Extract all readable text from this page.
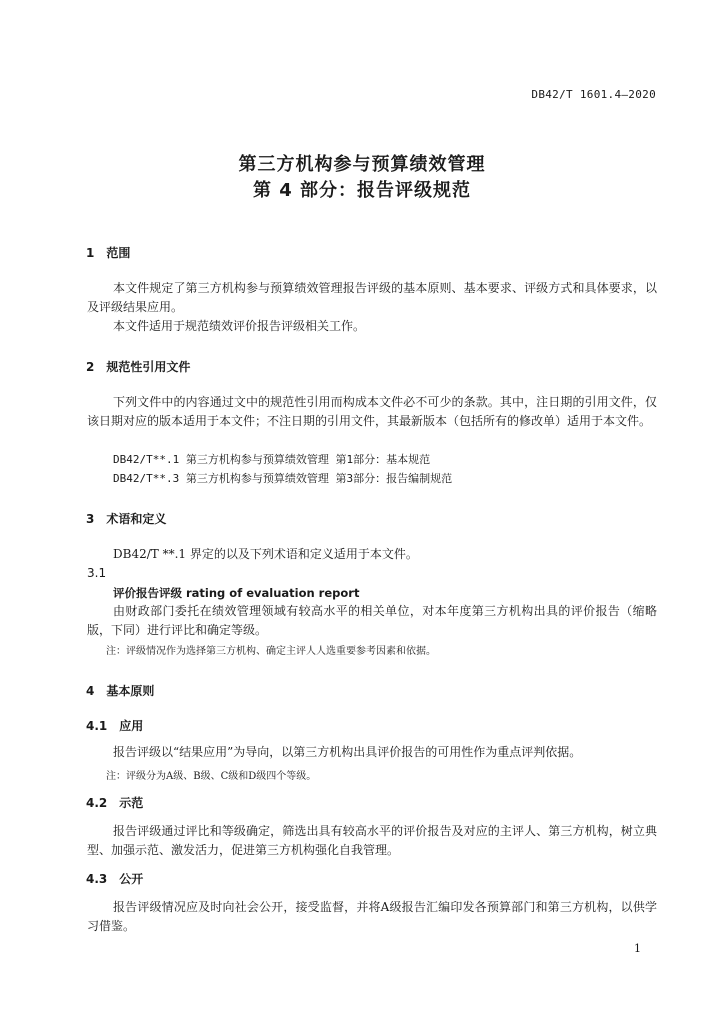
DB42/T 1601.4—2020
第三方机构参与预算绩效管理
第 4 部分：报告评级规范
1 范围
本文件规定了第三方机构参与预算绩效管理报告评级的基本原则、基本要求、评级方式和具体要求，以及评级结果应用。
本文件适用于规范绩效评价报告评级相关工作。
2 规范性引用文件
下列文件中的内容通过文中的规范性引用而构成本文件必不可少的条款。其中，注日期的引用文件，仅该日期对应的版本适用于本文件；不注日期的引用文件，其最新版本（包括所有的修改单）适用于本文件。
DB42/T**.1 第三方机构参与预算绩效管理 第1部分：基本规范
DB42/T**.3 第三方机构参与预算绩效管理 第3部分：报告编制规范
3 术语和定义
DB42/T **.1 界定的以及下列术语和定义适用于本文件。
3.1
评价报告评级 rating of evaluation report
由财政部门委托在绩效管理领域有较高水平的相关单位，对本年度第三方机构出具的评价报告（缩略版，下同）进行评比和确定等级。
注：评级情况作为选择第三方机构、确定主评人人选重要参考因素和依据。
4 基本原则
4.1 应用
报告评级以“结果应用”为导向，以第三方机构出具评价报告的可用性作为重点评判依据。
注：评级分为A级、B级、C级和D级四个等级。
4.2 示范
报告评级通过评比和等级确定，筛选出具有较高水平的评价报告及对应的主评人、第三方机构，树立典型、加强示范、激发活力，促进第三方机构强化自我管理。
4.3 公开
报告评级情况应及时向社会公开，接受监督，并将A级报告汇编印发各预算部门和第三方机构，以供学习借鉴。
1
